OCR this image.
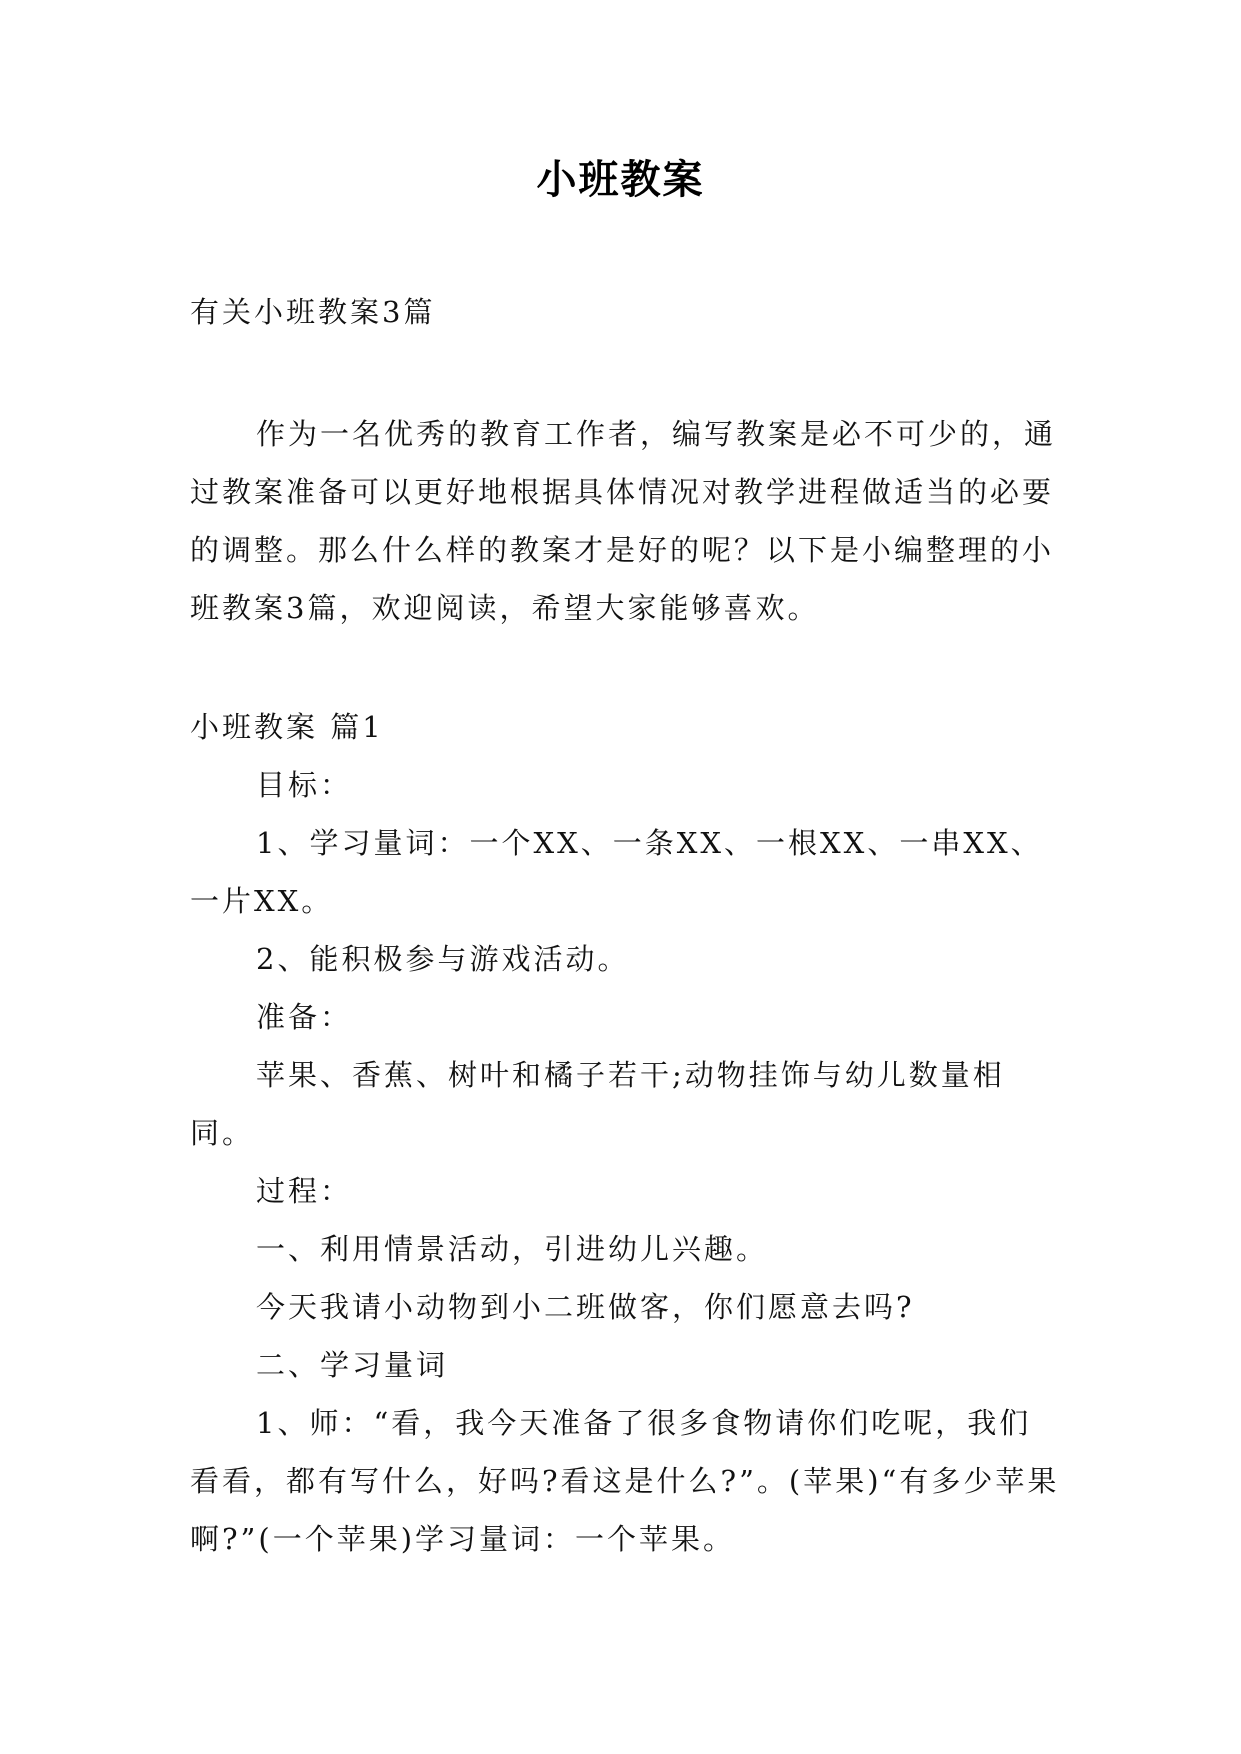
小班教案
有关小班教案3篇

作为一名优秀的教育工作者，编写教案是必不可少的，通过教案准备可以更好地根据具体情况对教学进程做适当的必要的调整。那么什么样的教案才是好的呢？以下是小编整理的小班教案3篇，欢迎阅读，希望大家能够喜欢。

小班教案 篇1

目标：

1、学习量词：一个XX、一条XX、一根XX、一串XX、一片XX。

2、能积极参与游戏活动。

准备：

苹果、香蕉、树叶和橘子若干;动物挂饰与幼儿数量相同。

过程：

一、利用情景活动，引进幼儿兴趣。

今天我请小动物到小二班做客，你们愿意去吗?

二、学习量词

1、师：“看，我今天准备了很多食物请你们吃呢，我们看看，都有写什么，好吗?看这是什么?”。(苹果)“有多少苹果啊?”(一个苹果)学习量词：一个苹果。
